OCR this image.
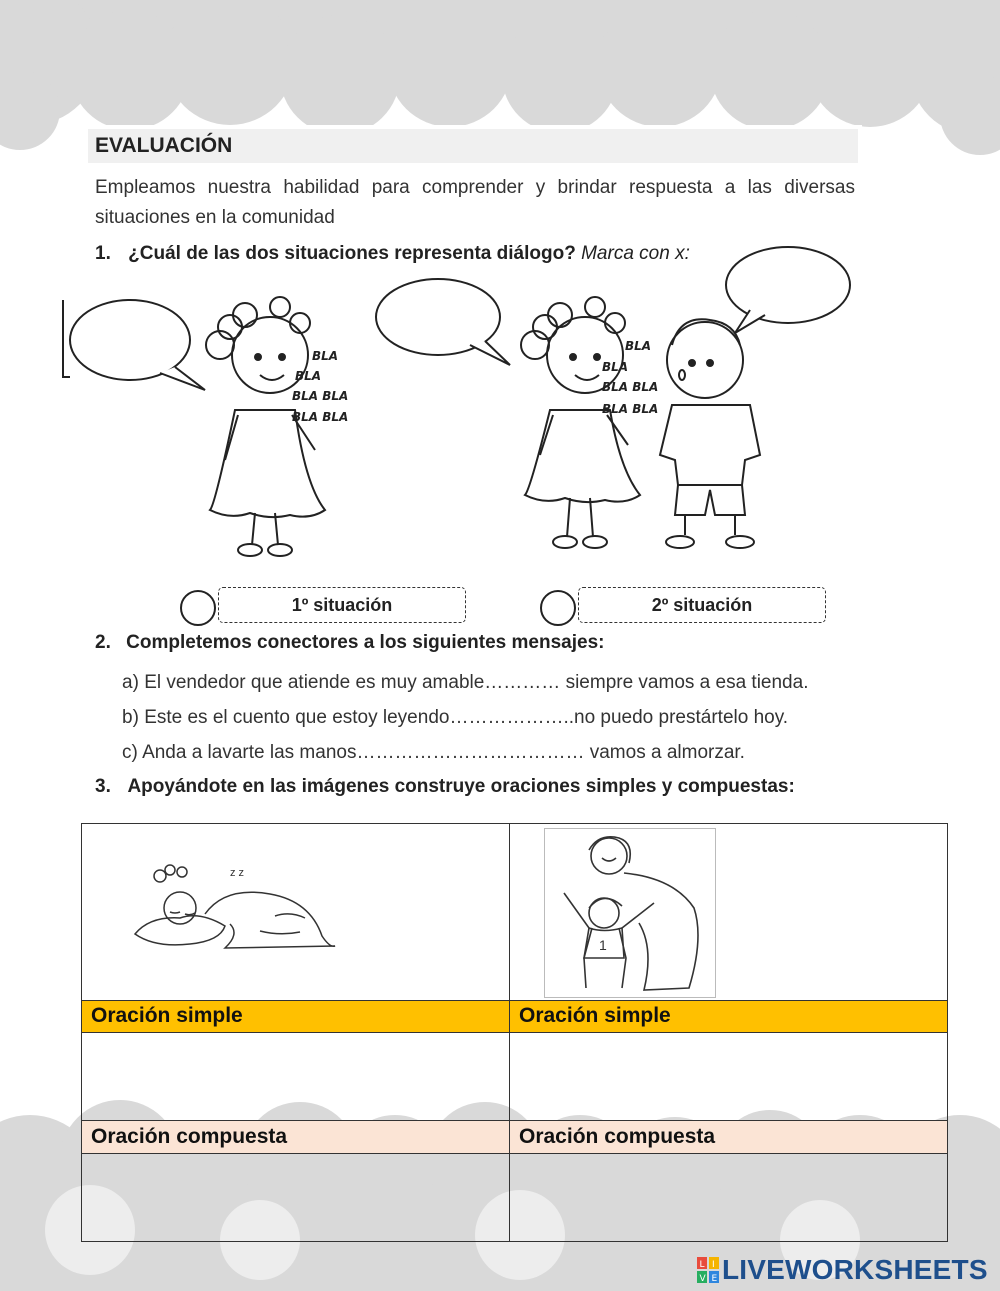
EVALUACIÓN
Empleamos nuestra habilidad para comprender y brindar respuesta a las diversas situaciones en la comunidad
1. ¿Cuál de las dos situaciones representa diálogo? Marca con x:
BLA
BLA
BLA BLA
BLA BLA
BLA
BLA
BLA BLA
BLA BLA
1º situación	2º situación
2. Completemos conectores a los siguientes mensajes:
a) El vendedor que atiende es muy amable………… siempre vamos a esa tienda.
b) Este es el cuento que estoy leyendo………………..no puedo prestártelo hoy.
c) Anda a lavarte las manos……………………………… vamos a almorzar.
3. Apoyándote en las imágenes construye oraciones simples y compuestas:
z z	1

Oración simple	Oración simple

Oración compuesta	Oración compuesta

L I
V E LIVEWORKSHEETS
